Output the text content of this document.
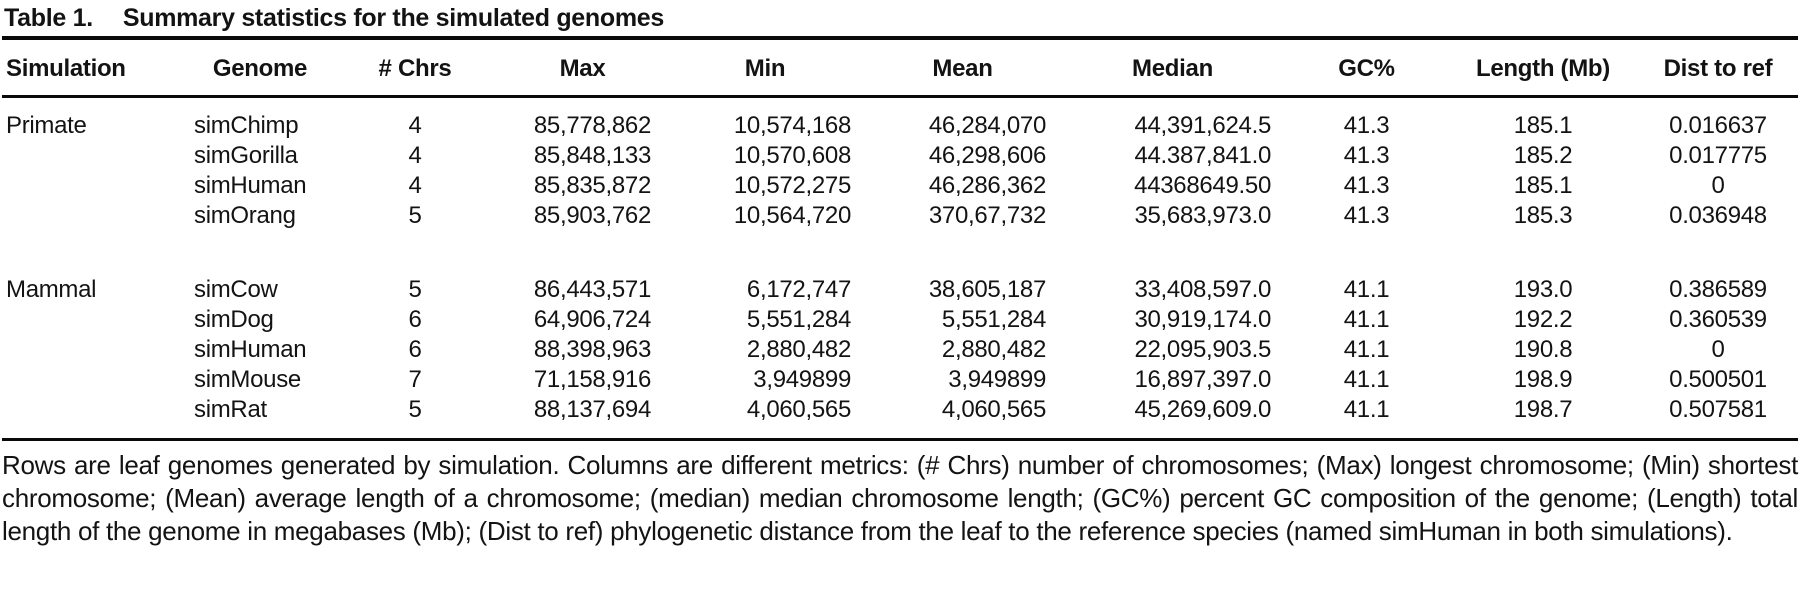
Table 1. Summary statistics for the simulated genomes
Simulation	Genome	# Chrs	Max	Min	Mean	Median	GC%	Length (Mb)	Dist to ref
Primate	simChimp	4	85,778,862	10,574,168	46,284,070	44,391,624.5	41.3	185.1	0.016637
	simGorilla	4	85,848,133	10,570,608	46,298,606	44.387,841.0	41.3	185.2	0.017775
	simHuman	4	85,835,872	10,572,275	46,286,362	44368649.50	41.3	185.1	0
	simOrang	5	85,903,762	10,564,720	370,67,732	35,683,973.0	41.3	185.3	0.036948

Mammal	simCow	5	86,443,571	6,172,747	38,605,187	33,408,597.0	41.1	193.0	0.386589
	simDog	6	64,906,724	5,551,284	5,551,284	30,919,174.0	41.1	192.2	0.360539
	simHuman	6	88,398,963	2,880,482	2,880,482	22,095,903.5	41.1	190.8	0
	simMouse	7	71,158,916	3,949899	3,949899	16,897,397.0	41.1	198.9	0.500501
	simRat	5	88,137,694	4,060,565	4,060,565	45,269,609.0	41.1	198.7	0.507581

Rows are leaf genomes generated by simulation. Columns are different metrics: (# Chrs) number of chromosomes; (Max) longest chromosome; (Min) shortest chromosome; (Mean) average length of a chromosome; (median) median chromosome length; (GC%) percent GC composition of the genome; (Length) total length of the genome in megabases (Mb); (Dist to ref) phylogenetic distance from the leaf to the reference species (named simHuman in both simulations).
